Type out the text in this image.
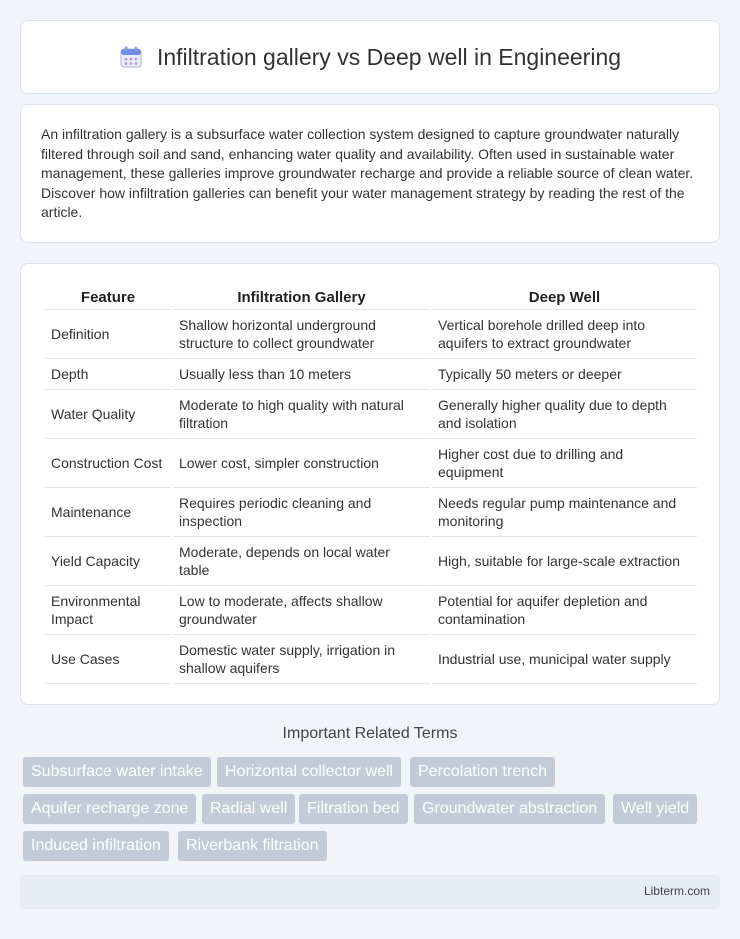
Infiltration gallery vs Deep well in Engineering

An infiltration gallery is a subsurface water collection system designed to capture groundwater naturally filtered through soil and sand, enhancing water quality and availability. Often used in sustainable water management, these galleries improve groundwater recharge and provide a reliable source of clean water. Discover how infiltration galleries can benefit your water management strategy by reading the rest of the article.

Feature	Infiltration Gallery	Deep Well
Definition	Shallow horizontal underground structure to collect groundwater	Vertical borehole drilled deep into aquifers to extract groundwater
Depth	Usually less than 10 meters	Typically 50 meters or deeper
Water Quality	Moderate to high quality with natural filtration	Generally higher quality due to depth and isolation
Construction Cost	Lower cost, simpler construction	Higher cost due to drilling and equipment
Maintenance	Requires periodic cleaning and inspection	Needs regular pump maintenance and monitoring
Yield Capacity	Moderate, depends on local water table	High, suitable for large-scale extraction
Environmental Impact	Low to moderate, affects shallow groundwater	Potential for aquifer depletion and contamination
Use Cases	Domestic water supply, irrigation in shallow aquifers	Industrial use, municipal water supply
Important Related Terms
Subsurface water intake	Horizontal collector well	Percolation trench
Aquifer recharge zone	Radial well	Filtration bed	Groundwater abstraction	Well yield
Induced infiltration	Riverbank filtration
Libterm.com
